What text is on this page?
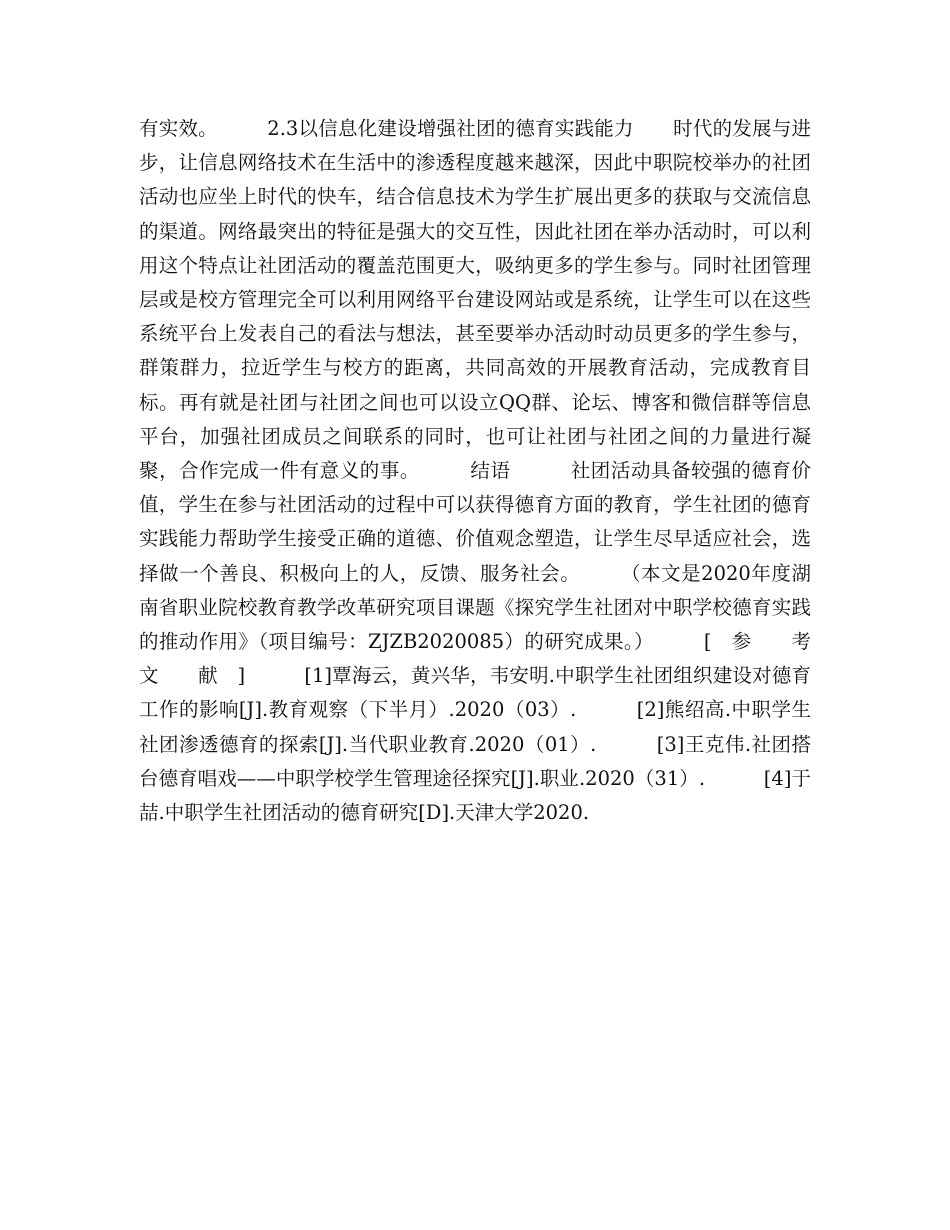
有实效。　　　2.3以信息化建设增强社团的德育实践能力　　时代的发展与进步，让信息网络技术在生活中的渗透程度越来越深，因此中职院校举办的社团活动也应坐上时代的快车，结合信息技术为学生扩展出更多的获取与交流信息的渠道。网络最突出的特征是强大的交互性，因此社团在举办活动时，可以利用这个特点让社团活动的覆盖范围更大，吸纳更多的学生参与。同时社团管理层或是校方管理完全可以利用网络平台建设网站或是系统，让学生可以在这些系统平台上发表自己的看法与想法，甚至要举办活动时动员更多的学生参与，群策群力，拉近学生与校方的距离，共同高效的开展教育活动，完成教育目标。再有就是社团与社团之间也可以设立QQ群、论坛、博客和微信群等信息平台，加强社团成员之间联系的同时，也可让社团与社团之间的力量进行凝聚，合作完成一件有意义的事。　　　结语　　　社团活动具备较强的德育价值，学生在参与社团活动的过程中可以获得德育方面的教育，学生社团的德育实践能力帮助学生接受正确的道德、价值观念塑造，让学生尽早适应社会，选择做一个善良、积极向上的人，反馈、服务社会。　　　（本文是2020年度湖南省职业院校教育教学改革研究项目课题《探究学生社团对中职学校德育实践的推动作用》（项目编号：ZJZB2020085）的研究成果。）　　　[　参　　考　　文　　献　]　　　[1]覃海云，黄兴华，韦安明.中职学生社团组织建设对德育工作的影响[J].教育观察（下半月）.2020（03）.　　　[2]熊绍高.中职学生社团渗透德育的探索[J].当代职业教育.2020（01）.　　　[3]王克伟.社团搭台德育唱戏——中职学校学生管理途径探究[J].职业.2020（31）.　　　[4]于喆.中职学生社团活动的德育研究[D].天津大学2020.
